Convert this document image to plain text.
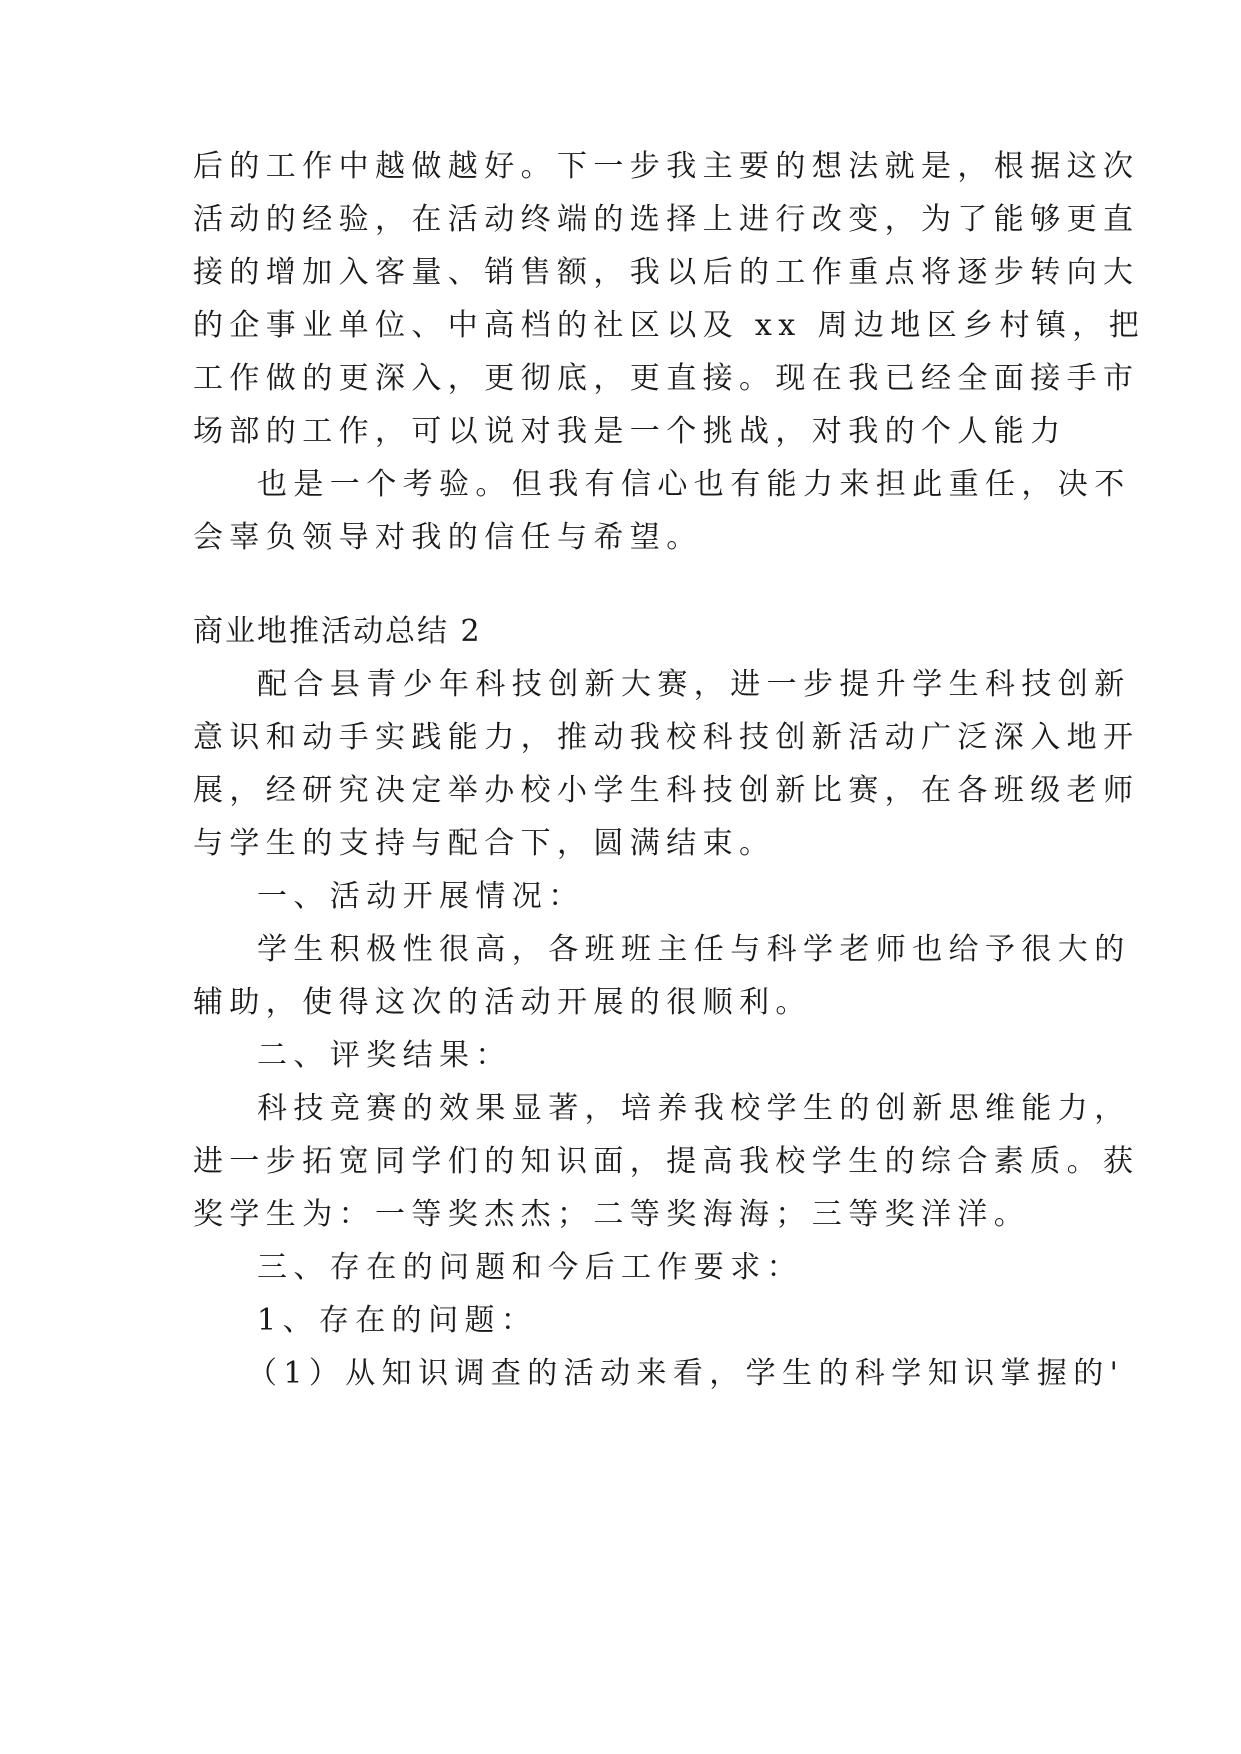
后的工作中越做越好。下一步我主要的想法就是，根据这次

活动的经验，在活动终端的选择上进行改变，为了能够更直

接的增加入客量、销售额，我以后的工作重点将逐步转向大

的企事业单位、中高档的社区以及 xx 周边地区乡村镇，把

工作做的更深入，更彻底，更直接。现在我已经全面接手市

场部的工作，可以说对我是一个挑战，对我的个人能力

也是一个考验。但我有信心也有能力来担此重任，决不

会辜负领导对我的信任与希望。

商业地推活动总结 2

配合县青少年科技创新大赛，进一步提升学生科技创新

意识和动手实践能力，推动我校科技创新活动广泛深入地开

展，经研究决定举办校小学生科技创新比赛，在各班级老师

与学生的支持与配合下，圆满结束。

一、活动开展情况：

学生积极性很高，各班班主任与科学老师也给予很大的

辅助，使得这次的活动开展的很顺利。

二、评奖结果：

科技竞赛的效果显著，培养我校学生的创新思维能力，

进一步拓宽同学们的知识面，提高我校学生的综合素质。获

奖学生为：一等奖杰杰；二等奖海海；三等奖洋洋。

三、存在的问题和今后工作要求：

1、存在的问题：

（1）从知识调查的活动来看，学生的科学知识掌握的'
